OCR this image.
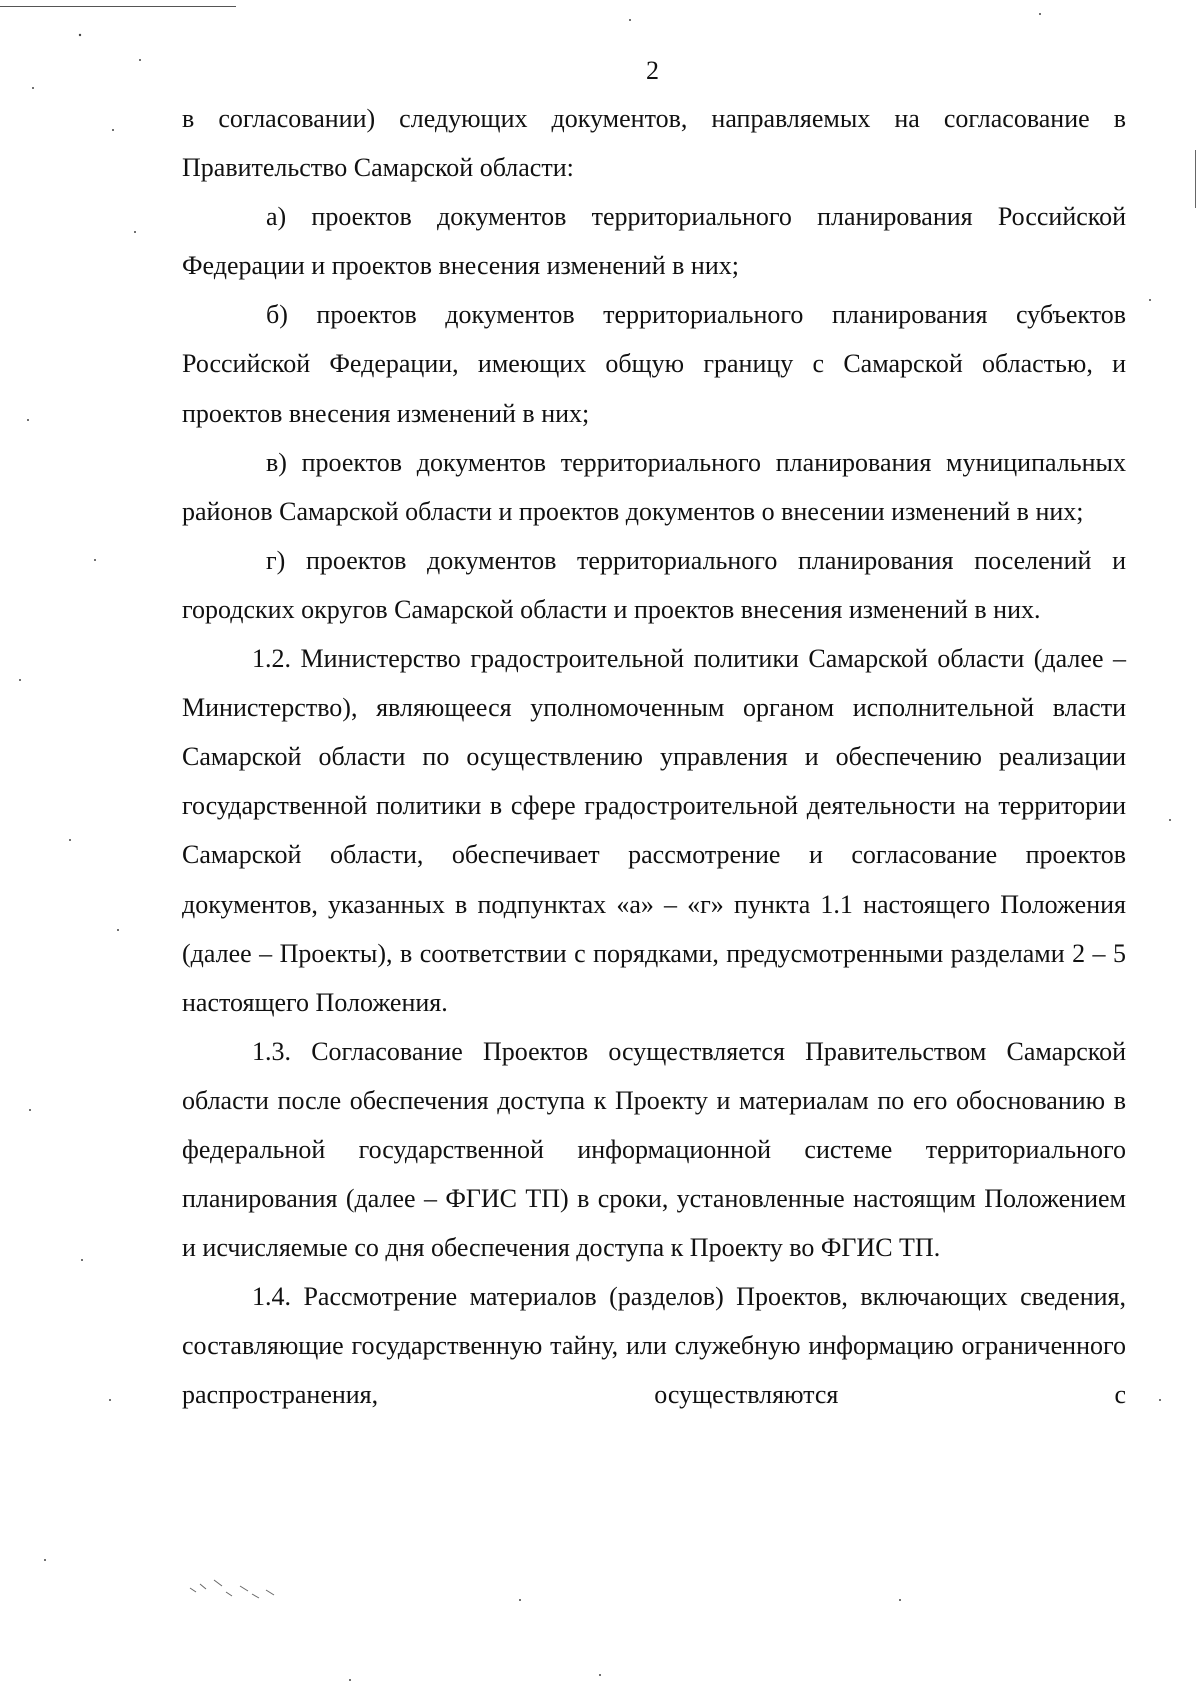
2

в согласовании) следующих документов, направляемых на согласование в Правительство Самарской области:

а) проектов документов территориального планирования Российской Федерации и проектов внесения изменений в них;

б) проектов документов территориального планирования субъектов Российской Федерации, имеющих общую границу с Самарской областью, и проектов внесения изменений в них;

в) проектов документов территориального планирования муниципальных районов Самарской области и проектов документов о внесении изменений в них;

г) проектов документов территориального планирования поселений и городских округов Самарской области и проектов внесения изменений в них.

1.2. Министерство градостроительной политики Самарской области (далее – Министерство), являющееся уполномоченным органом исполнительной власти Самарской области по осуществлению управления и обеспечению реализации государственной политики в сфере градостроительной деятельности на территории Самарской области, обеспечивает рассмотрение и согласование проектов документов, указанных в подпунктах «а» – «г» пункта 1.1 настоящего Положения (далее – Проекты), в соответствии с порядками, предусмотренными разделами 2 – 5 настоящего Положения.

1.3. Согласование Проектов осуществляется Правительством Самарской области после обеспечения доступа к Проекту и материалам по его обоснованию в федеральной государственной информационной системе территориального планирования (далее – ФГИС ТП) в сроки, установленные настоящим Положением и исчисляемые со дня обеспечения доступа к Проекту во ФГИС ТП.

1.4. Рассмотрение материалов (разделов) Проектов, включающих сведения, составляющие государственную тайну, или служебную информацию ограниченного распространения, осуществляются с
